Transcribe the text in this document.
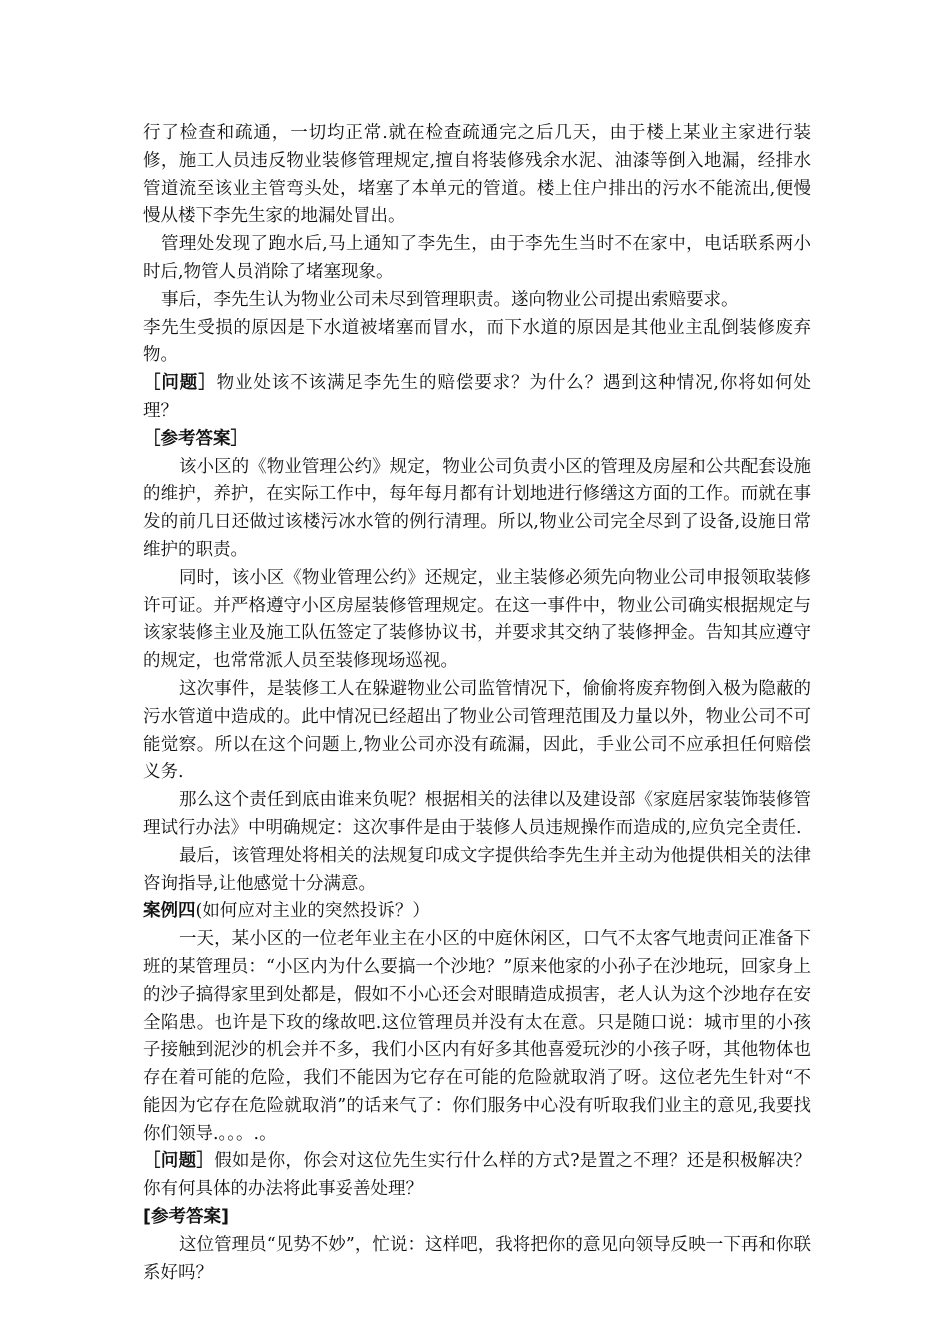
行了检查和疏通，一切均正常.就在检查疏通完之后几天，由于楼上某业主家进行装修，施工人员违反物业装修管理规定,擅自将装修残余水泥、油漆等倒入地漏，经排水管道流至该业主管弯头处，堵塞了本单元的管道。楼上住户排出的污水不能流出,便慢慢从楼下李先生家的地漏处冒出。

管理处发现了跑水后,马上通知了李先生，由于李先生当时不在家中，电话联系两小时后,物管人员消除了堵塞现象。

事后，李先生认为物业公司未尽到管理职责。遂向物业公司提出索赔要求。

李先生受损的原因是下水道被堵塞而冒水，而下水道的原因是其他业主乱倒装修废弃物。

［问题］物业处该不该满足李先生的赔偿要求？为什么？遇到这种情况,你将如何处理？

［参考答案］

该小区的《物业管理公约》规定，物业公司负责小区的管理及房屋和公共配套设施的维护，养护，在实际工作中，每年每月都有计划地进行修缮这方面的工作。而就在事发的前几日还做过该楼污冰水管的例行清理。所以,物业公司完全尽到了设备,设施日常维护的职责。

同时，该小区《物业管理公约》还规定，业主装修必须先向物业公司申报领取装修许可证。并严格遵守小区房屋装修管理规定。在这一事件中，物业公司确实根据规定与该家装修主业及施工队伍签定了装修协议书，并要求其交纳了装修押金。告知其应遵守的规定，也常常派人员至装修现场巡视。

这次事件，是装修工人在躲避物业公司监管情况下，偷偷将废弃物倒入极为隐蔽的污水管道中造成的。此中情况已经超出了物业公司管理范围及力量以外，物业公司不可能觉察。所以在这个问题上,物业公司亦没有疏漏，因此，手业公司不应承担任何赔偿义务.

那么这个责任到底由谁来负呢？根据相关的法律以及建设部《家庭居家装饰装修管理试行办法》中明确规定：这次事件是由于装修人员违规操作而造成的,应负完全责任.

最后，该管理处将相关的法规复印成文字提供给李先生并主动为他提供相关的法律咨询指导,让他感觉十分满意。

案例四(如何应对主业的突然投诉？）

一天，某小区的一位老年业主在小区的中庭休闲区，口气不太客气地责问正准备下班的某管理员：“小区内为什么要搞一个沙地？”原来他家的小孙子在沙地玩，回家身上的沙子搞得家里到处都是，假如不小心还会对眼睛造成损害，老人认为这个沙地存在安全陷患。也许是下玫的缘故吧.这位管理员并没有太在意。只是随口说：城市里的小孩子接触到泥沙的机会并不多，我们小区内有好多其他喜爱玩沙的小孩子呀，其他物体也存在着可能的危险，我们不能因为它存在可能的危险就取消了呀。这位老先生针对“不能因为它存在危险就取消”的话来气了：你们服务中心没有听取我们业主的意见,我要找你们领导.。。。.。

［问题］假如是你，你会对这位先生实行什么样的方式?是置之不理？还是积极解决？你有何具体的办法将此事妥善处理？

[参考答案]

这位管理员“见势不妙”，忙说：这样吧，我将把你的意见向领导反映一下再和你联系好吗？
